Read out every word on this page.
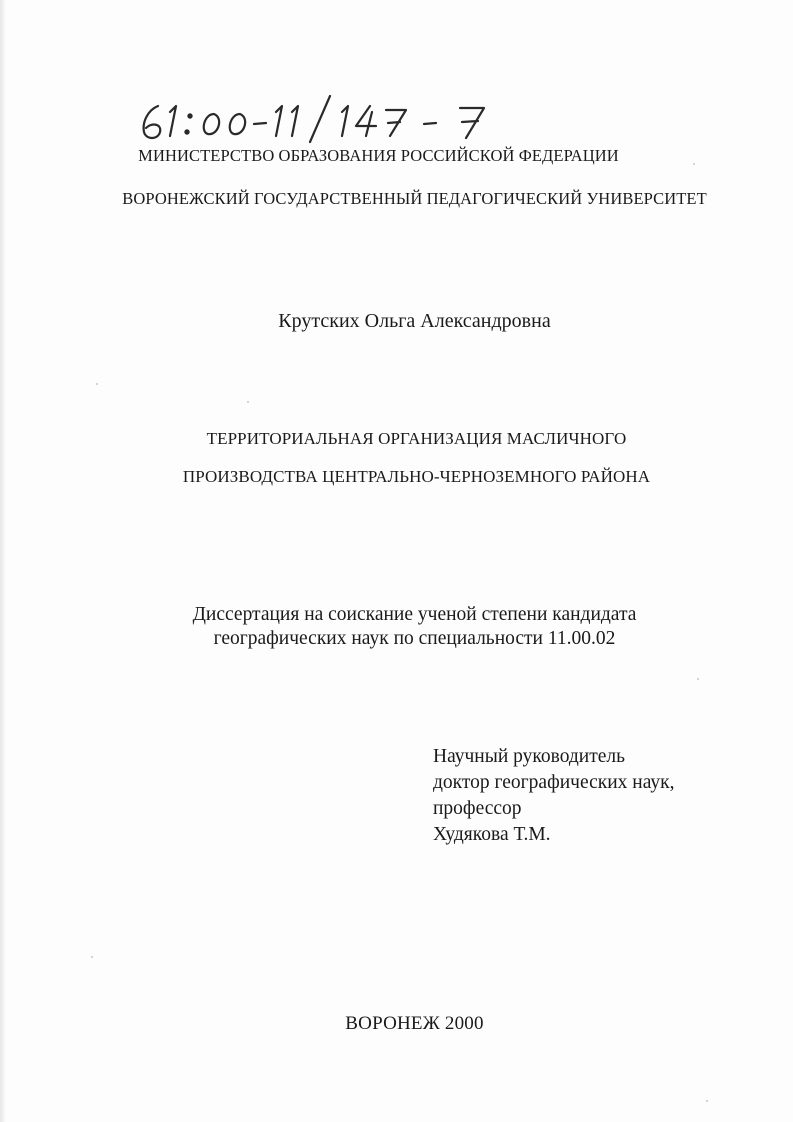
МИНИСТЕРСТВО ОБРАЗОВАНИЯ РОССИЙСКОЙ ФЕДЕРАЦИИ
ВОРОНЕЖСКИЙ ГОСУДАРСТВЕННЫЙ ПЕДАГОГИЧЕСКИЙ УНИВЕРСИТЕТ
Крутских Ольга Александровна
ТЕРРИТОРИАЛЬНАЯ ОРГАНИЗАЦИЯ МАСЛИЧНОГО
ПРОИЗВОДСТВА ЦЕНТРАЛЬНО-ЧЕРНОЗЕМНОГО РАЙОНА
Диссертация на соискание ученой степени кандидата
географических наук по специальности 11.00.02
Научный руководитель
доктор географических наук,
профессор
Худякова Т.М.
ВОРОНЕЖ 2000
